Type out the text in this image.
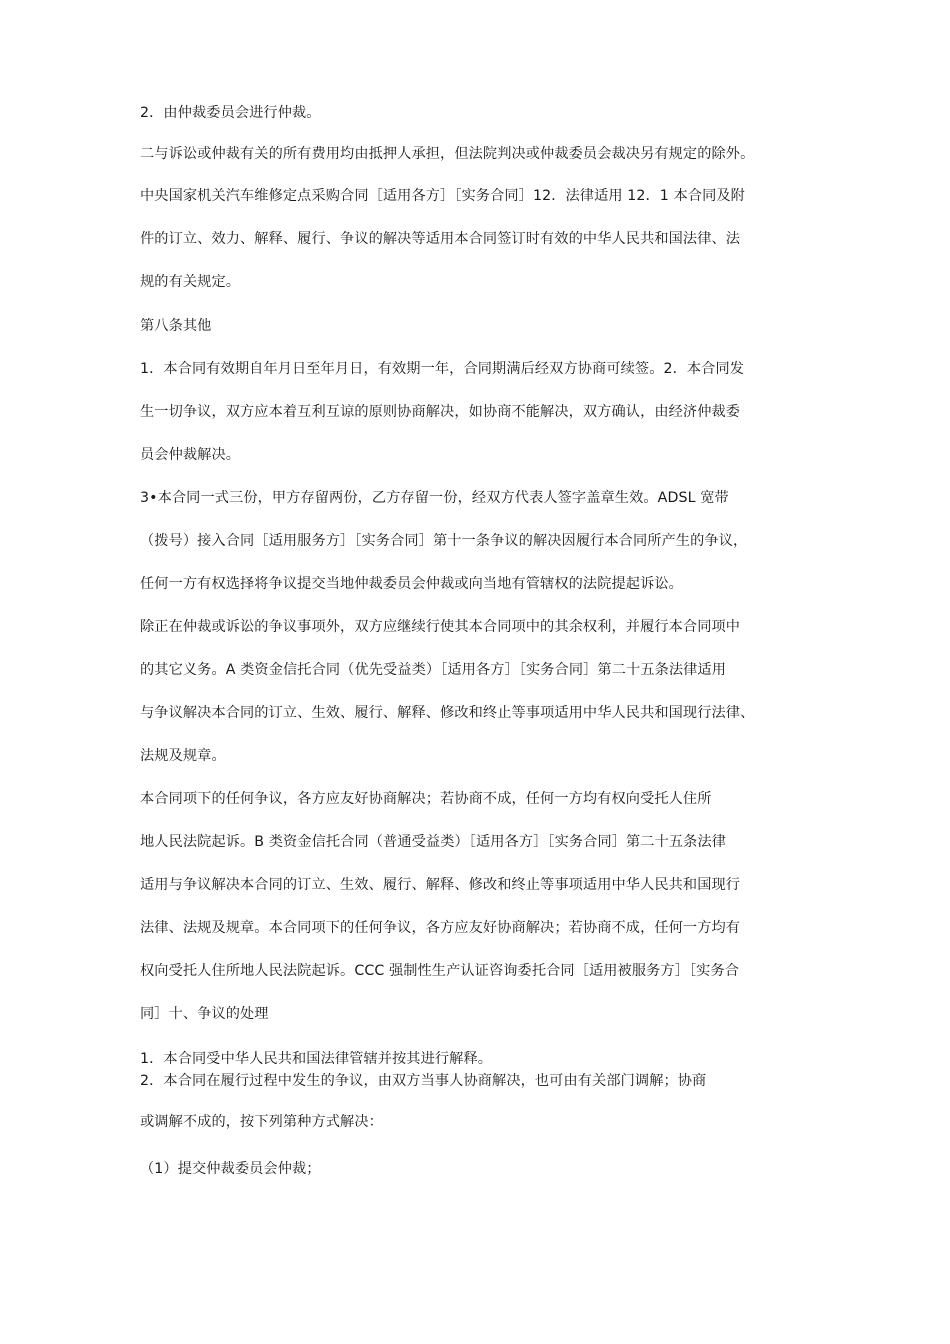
2．由仲裁委员会进行仲裁。
二与诉讼或仲裁有关的所有费用均由抵押人承担，但法院判决或仲裁委员会裁决另有规定的除外。
中央国家机关汽车维修定点采购合同［适用各方］［实务合同］12．法律适用 12．1 本合同及附
件的订立、效力、解释、履行、争议的解决等适用本合同签订时有效的中华人民共和国法律、法
规的有关规定。
第八条其他
1．本合同有效期自年月日至年月日，有效期一年，合同期满后经双方协商可续签。2．本合同发
生一切争议，双方应本着互利互谅的原则协商解决，如协商不能解决，双方确认，由经济仲裁委
员会仲裁解决。
3•本合同一式三份，甲方存留两份，乙方存留一份，经双方代表人签字盖章生效。ADSL 宽带
（拨号）接入合同［适用服务方］［实务合同］第十一条争议的解决因履行本合同所产生的争议，
任何一方有权选择将争议提交当地仲裁委员会仲裁或向当地有管辖权的法院提起诉讼。
除正在仲裁或诉讼的争议事项外，双方应继续行使其本合同项中的其余权利，并履行本合同项中
的其它义务。A 类资金信托合同（优先受益类）［适用各方］［实务合同］第二十五条法律适用
与争议解决本合同的订立、生效、履行、解释、修改和终止等事项适用中华人民共和国现行法律、
法规及规章。
本合同项下的任何争议，各方应友好协商解决；若协商不成，任何一方均有权向受托人住所
地人民法院起诉。B 类资金信托合同（普通受益类）［适用各方］［实务合同］第二十五条法律
适用与争议解决本合同的订立、生效、履行、解释、修改和终止等事项适用中华人民共和国现行
法律、法规及规章。本合同项下的任何争议，各方应友好协商解决；若协商不成，任何一方均有
权向受托人住所地人民法院起诉。CCC 强制性生产认证咨询委托合同［适用被服务方］［实务合
同］十、争议的处理
1．本合同受中华人民共和国法律管辖并按其进行解释。
2．本合同在履行过程中发生的争议，由双方当事人协商解决，也可由有关部门调解；协商
或调解不成的，按下列第种方式解决：
（1）提交仲裁委员会仲裁；
